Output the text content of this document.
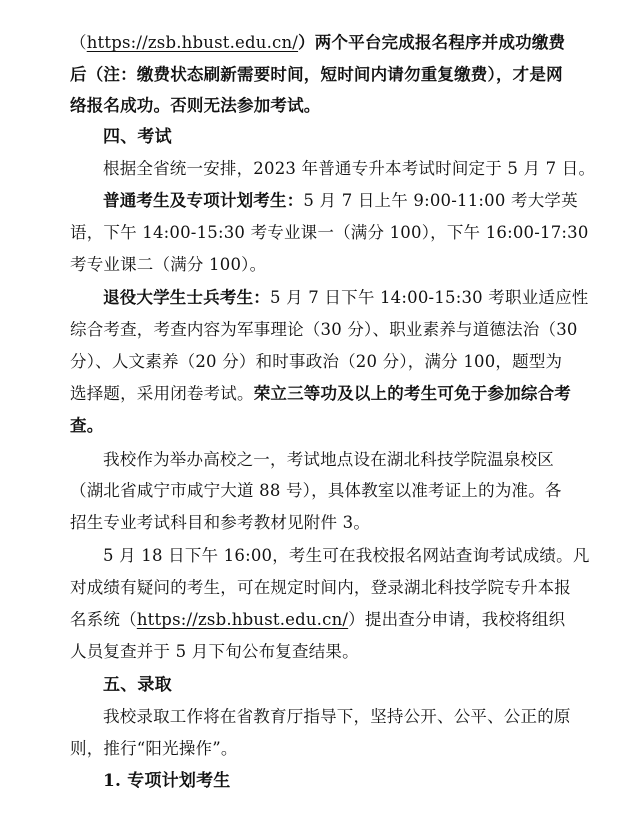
（https://zsb.hbust.edu.cn/）两个平台完成报名程序并成功缴费
后（注：缴费状态刷新需要时间，短时间内请勿重复缴费），才是网
络报名成功。否则无法参加考试。
四、考试
根据全省统一安排，2023 年普通专升本考试时间定于 5 月 7 日。
普通考生及专项计划考生：5 月 7 日上午 9:00-11:00 考大学英
语，下午 14:00-15:30 考专业课一（满分 100），下午 16:00-17:30
考专业课二（满分 100）。
退役大学生士兵考生：5 月 7 日下午 14:00-15:30 考职业适应性
综合考查，考查内容为军事理论（30 分）、职业素养与道德法治（30
分）、人文素养（20 分）和时事政治（20 分），满分 100，题型为
选择题，采用闭卷考试。荣立三等功及以上的考生可免于参加综合考
查。
我校作为举办高校之一，考试地点设在湖北科技学院温泉校区
（湖北省咸宁市咸宁大道 88 号），具体教室以准考证上的为准。各
招生专业考试科目和参考教材见附件 3。
5 月 18 日下午 16:00，考生可在我校报名网站查询考试成绩。凡
对成绩有疑问的考生，可在规定时间内，登录湖北科技学院专升本报
名系统（https://zsb.hbust.edu.cn/）提出查分申请，我校将组织
人员复查并于 5 月下旬公布复查结果。
五、录取
我校录取工作将在省教育厅指导下，坚持公开、公平、公正的原
则，推行“阳光操作”。
1. 专项计划考生
